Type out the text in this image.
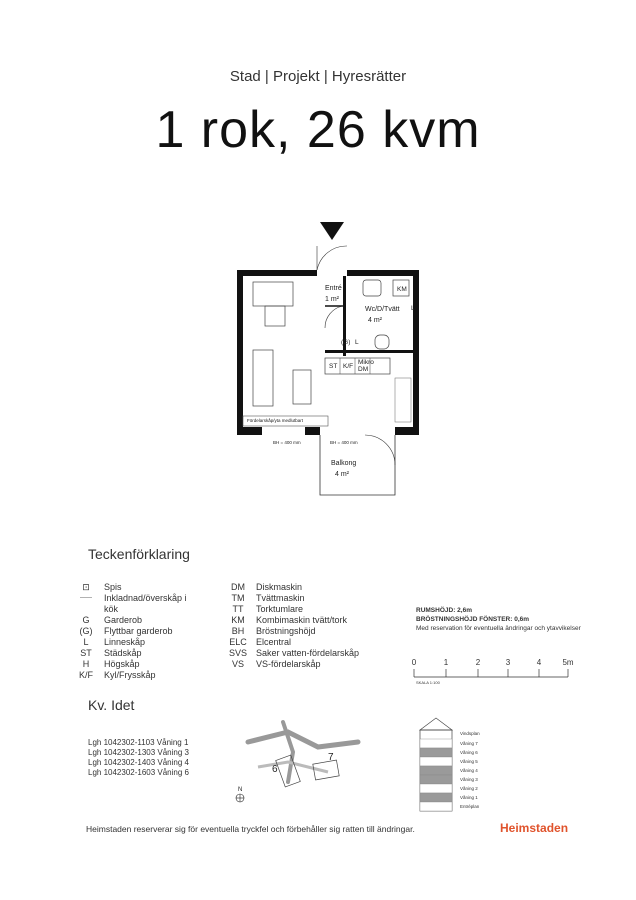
Stad | Projekt | Hyresrätter
1 rok, 26 kvm
Entré
1 m²
Wc/D/Tvätt
4 m²
KM
(G) L
L
ST K/F
Mikro
DM
Fördelarskåp/yta medlutbart
BH = 400 mm	BH = 400 mm
Balkong
4 m²
Teckenförklaring
⊡	Spis
------	Inkladnad/överskåp i
kök
G	Garderob
(G)	Flyttbar garderob
L	Linneskåp
ST	Städskåp
H	Högskåp
K/F	Kyl/Frysskåp
DM	Diskmaskin
TM	Tvättmaskin
TT	Torktumlare
KM	Kombimaskin tvätt/tork
BH	Bröstningshöjd
ELC	Elcentral
SVS	Saker vatten-fördelarskåp
VS	VS-fördelarskåp
RUMSHÖJD: 2,6m
BRÖSTNINGSHÖJD FÖNSTER: 0,6m
Med reservation för eventuella ändringar och ytavvikelser
0	1	2	3	4	5m
SKALA 1:100
Kv. Idet
Lgh 1042302-1103 Våning 1
Lgh 1042302-1303 Våning 3
Lgh 1042302-1403 Våning 4
Lgh 1042302-1603 Våning 6	6
7
N
Vindsplan
Våning 7
Våning 6
Våning 5
Våning 4
Våning 3
Våning 2
Våning 1
Entréplan
Heimstaden reserverar sig för eventuella tryckfel och förbehåller sig ratten till ändringar.	Heimstaden
